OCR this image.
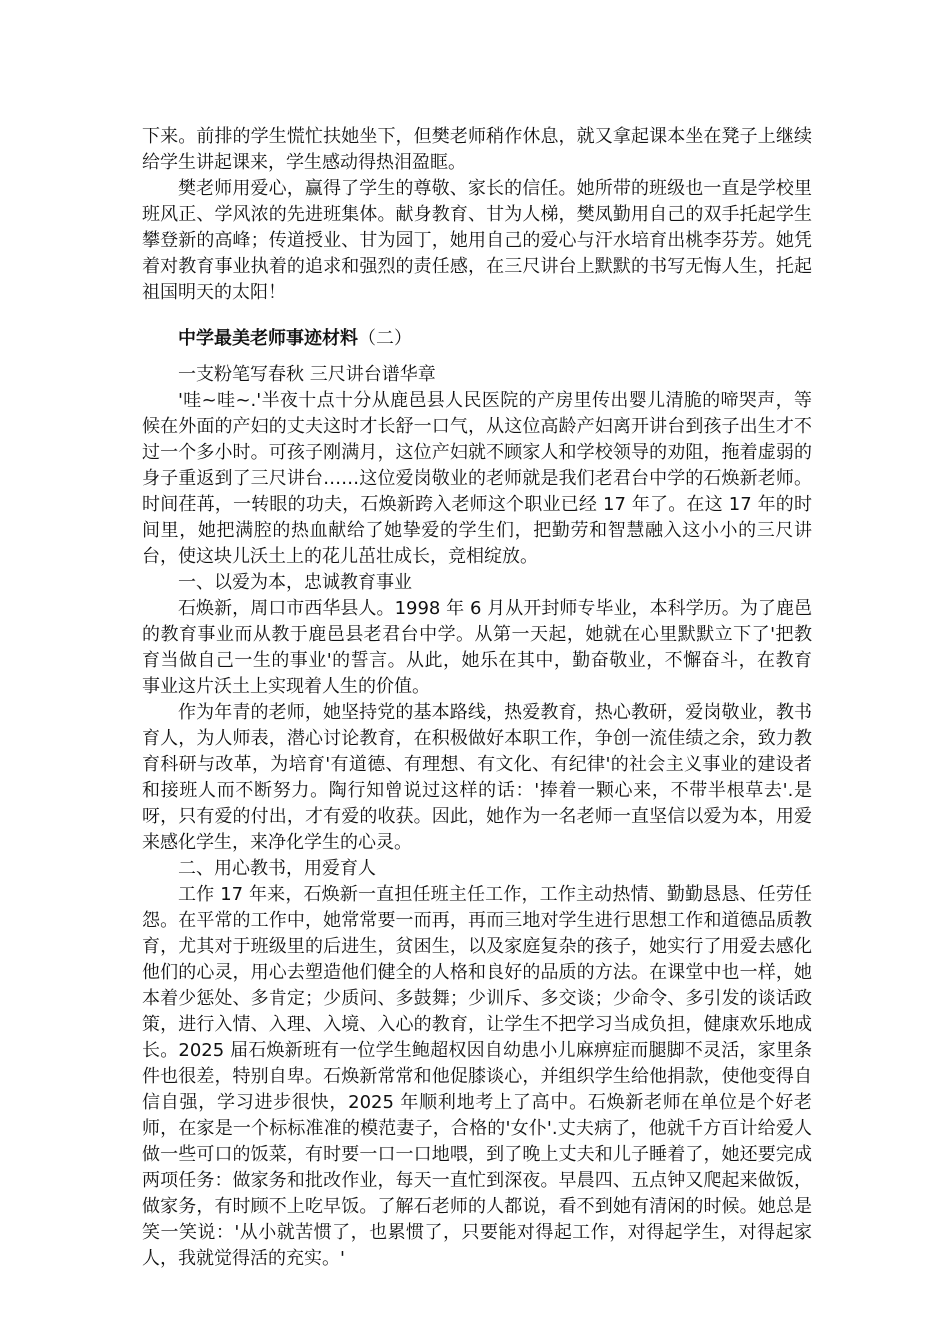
下来。前排的学生慌忙扶她坐下，但樊老师稍作休息，就又拿起课本坐在凳子上继续给学生讲起课来，学生感动得热泪盈眶。

樊老师用爱心，赢得了学生的尊敬、家长的信任。她所带的班级也一直是学校里班风正、学风浓的先进班集体。献身教育、甘为人梯，樊凤勤用自己的双手托起学生攀登新的高峰；传道授业、甘为园丁，她用自己的爱心与汗水培育出桃李芬芳。她凭着对教育事业执着的追求和强烈的责任感，在三尺讲台上默默的书写无悔人生，托起祖国明天的太阳！

中学最美老师事迹材料（二）

一支粉笔写春秋 三尺讲台谱华章

'哇~哇~.'半夜十点十分从鹿邑县人民医院的产房里传出婴儿清脆的啼哭声，等候在外面的产妇的丈夫这时才长舒一口气，从这位高龄产妇离开讲台到孩子出生才不过一个多小时。可孩子刚满月，这位产妇就不顾家人和学校领导的劝阻，拖着虚弱的身子重返到了三尺讲台……这位爱岗敬业的老师就是我们老君台中学的石焕新老师。时间荏苒，一转眼的功夫，石焕新跨入老师这个职业已经 17 年了。在这 17 年的时间里，她把满腔的热血献给了她挚爱的学生们，把勤劳和智慧融入这小小的三尺讲台，使这块儿沃土上的花儿茁壮成长，竞相绽放。

一、以爱为本，忠诚教育事业

石焕新，周口市西华县人。1998 年 6 月从开封师专毕业，本科学历。为了鹿邑的教育事业而从教于鹿邑县老君台中学。从第一天起，她就在心里默默立下了'把教育当做自己一生的事业'的誓言。从此，她乐在其中，勤奋敬业，不懈奋斗，在教育事业这片沃土上实现着人生的价值。

作为年青的老师，她坚持党的基本路线，热爱教育，热心教研，爱岗敬业，教书育人，为人师表，潜心讨论教育，在积极做好本职工作，争创一流佳绩之余，致力教育科研与改革，为培育'有道德、有理想、有文化、有纪律'的社会主义事业的建设者和接班人而不断努力。陶行知曾说过这样的话：'捧着一颗心来，不带半根草去'.是呀，只有爱的付出，才有爱的收获。因此，她作为一名老师一直坚信以爱为本，用爱来感化学生，来净化学生的心灵。

二、用心教书，用爱育人

工作 17 年来，石焕新一直担任班主任工作，工作主动热情、勤勤恳恳、任劳任怨。在平常的工作中，她常常要一而再，再而三地对学生进行思想工作和道德品质教育，尤其对于班级里的后进生，贫困生，以及家庭复杂的孩子，她实行了用爱去感化他们的心灵，用心去塑造他们健全的人格和良好的品质的方法。在课堂中也一样，她本着少惩处、多肯定；少质问、多鼓舞；少训斥、多交谈；少命令、多引发的谈话政策，进行入情、入理、入境、入心的教育，让学生不把学习当成负担，健康欢乐地成长。2025 届石焕新班有一位学生鲍超权因自幼患小儿麻痹症而腿脚不灵活，家里条件也很差，特别自卑。石焕新常常和他促膝谈心，并组织学生给他捐款，使他变得自信自强，学习进步很快，2025 年顺利地考上了高中。石焕新老师在单位是个好老师，在家是一个标标准准的模范妻子，合格的'女仆'.丈夫病了，他就千方百计给爱人做一些可口的饭菜，有时要一口一口地喂，到了晚上丈夫和儿子睡着了，她还要完成两项任务：做家务和批改作业，每天一直忙到深夜。早晨四、五点钟又爬起来做饭，做家务，有时顾不上吃早饭。了解石老师的人都说，看不到她有清闲的时候。她总是笑一笑说：'从小就苦惯了，也累惯了，只要能对得起工作，对得起学生，对得起家人，我就觉得活的充实。'
